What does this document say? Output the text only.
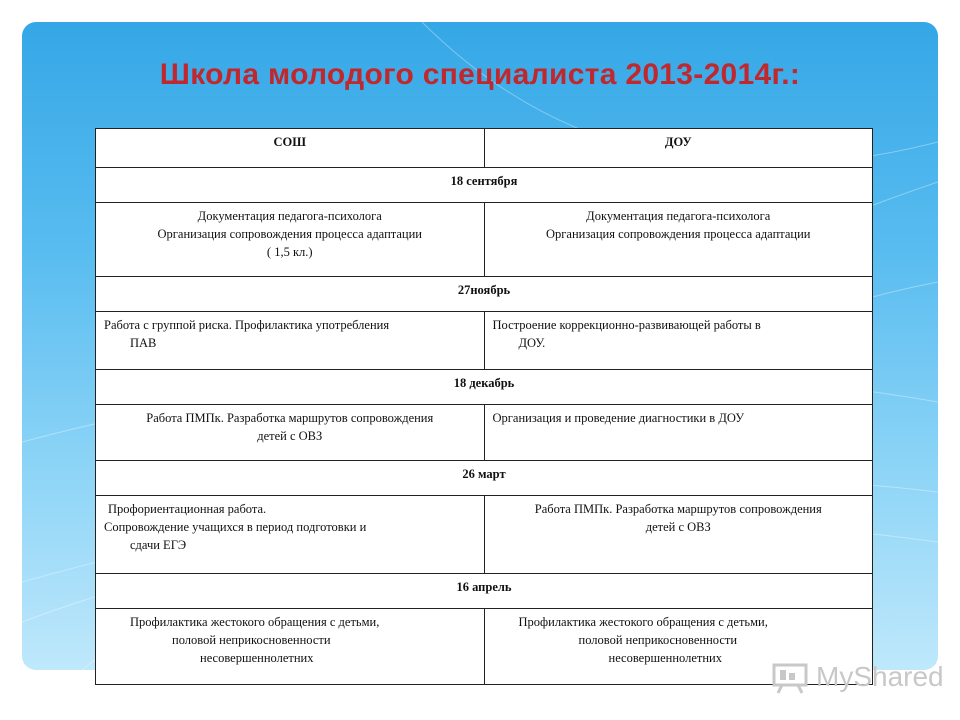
Школа молодого специалиста 2013-2014г.:
СОШ	ДОУ
18 сентября	

Документация педагога-психолога
Организация сопровождения процесса адаптации
( 1,5 кл.)	Документация педагога-психолога
Организация сопровождения процесса адаптации

27ноябрь	

Работа с группой риска. Профилактика употребления
ПАВ	Построение коррекционно-развивающей работы в
ДОУ.

18 декабрь	

Работа ПМПк. Разработка маршрутов сопровождения
детей с ОВЗ	Организация и проведение диагностики в ДОУ

26 март	

Профориентационная работа.
Сопровождение учащихся в период подготовки и
сдачи ЕГЭ	Работа ПМПк. Разработка маршрутов сопровождения
детей с ОВЗ

16 апрель	

Профилактика жестокого обращения с детьми,
половой неприкосновенности
несовершеннолетних	Профилактика жестокого обращения с детьми,
половой неприкосновенности
несовершеннолетних
MyShared
